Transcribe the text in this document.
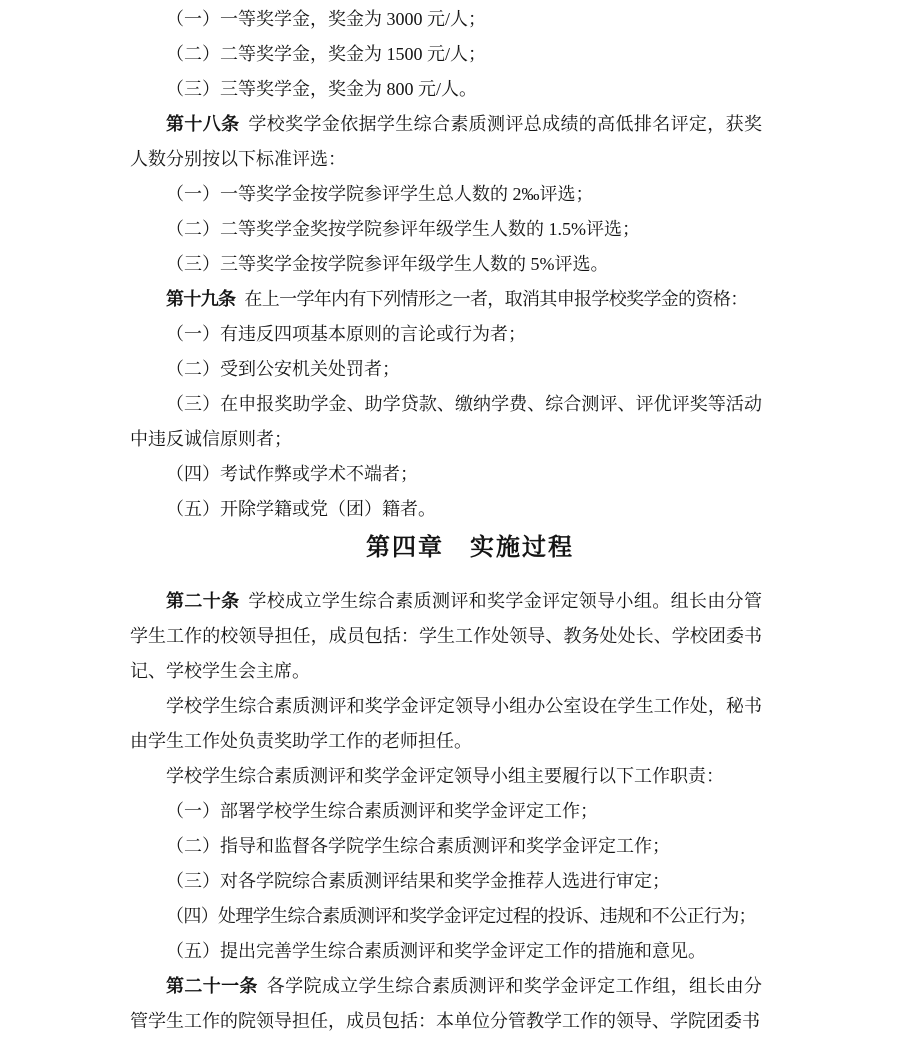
（一）一等奖学金，奖金为 3000 元/人；

（二）二等奖学金，奖金为 1500 元/人；

（三）三等奖学金，奖金为 800 元/人。

第十八条 学校奖学金依据学生综合素质测评总成绩的高低排名评定，获奖人数分别按以下标准评选：

（一）一等奖学金按学院参评学生总人数的 2‰评选；

（二）二等奖学金奖按学院参评年级学生人数的 1.5%评选；

（三）三等奖学金按学院参评年级学生人数的 5%评选。

第十九条 在上一学年内有下列情形之一者，取消其申报学校奖学金的资格：

（一）有违反四项基本原则的言论或行为者；

（二）受到公安机关处罚者；

（三）在申报奖助学金、助学贷款、缴纳学费、综合测评、评优评奖等活动中违反诚信原则者；

（四）考试作弊或学术不端者；

（五）开除学籍或党（团）籍者。

第四章　实施过程

第二十条 学校成立学生综合素质测评和奖学金评定领导小组。组长由分管学生工作的校领导担任，成员包括：学生工作处领导、教务处处长、学校团委书记、学校学生会主席。

学校学生综合素质测评和奖学金评定领导小组办公室设在学生工作处，秘书由学生工作处负责奖助学工作的老师担任。

学校学生综合素质测评和奖学金评定领导小组主要履行以下工作职责：

（一）部署学校学生综合素质测评和奖学金评定工作；

（二）指导和监督各学院学生综合素质测评和奖学金评定工作；

（三）对各学院综合素质测评结果和奖学金推荐人选进行审定；

（四）处理学生综合素质测评和奖学金评定过程的投诉、违规和不公正行为；

（五）提出完善学生综合素质测评和奖学金评定工作的措施和意见。

第二十一条 各学院成立学生综合素质测评和奖学金评定工作组，组长由分管学生工作的院领导担任，成员包括：本单位分管教学工作的领导、学院团委书
